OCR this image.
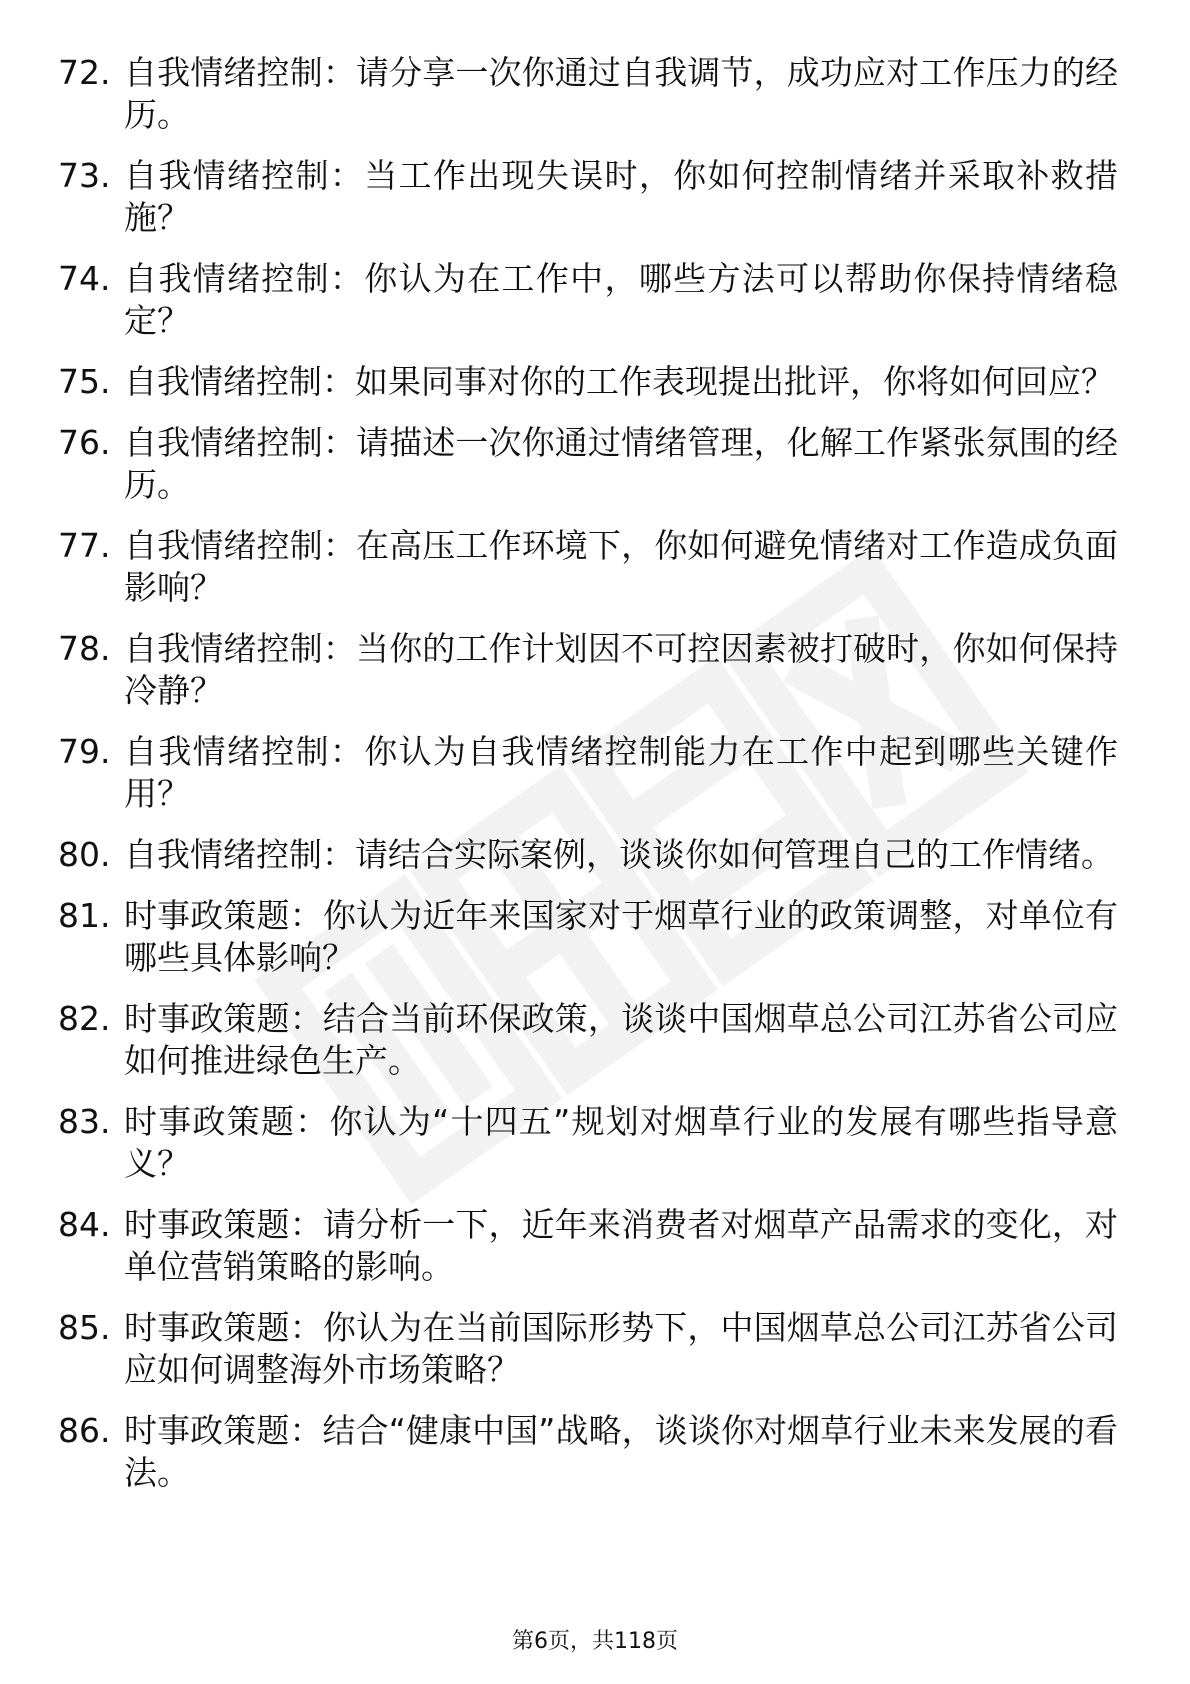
72. 自我情绪控制：请分享一次你通过自我调节，成功应对工作压力的经历。
73. 自我情绪控制：当工作出现失误时，你如何控制情绪并采取补救措施？
74. 自我情绪控制：你认为在工作中，哪些方法可以帮助你保持情绪稳定？
75. 自我情绪控制：如果同事对你的工作表现提出批评，你将如何回应？
76. 自我情绪控制：请描述一次你通过情绪管理，化解工作紧张氛围的经历。
77. 自我情绪控制：在高压工作环境下，你如何避免情绪对工作造成负面影响？
78. 自我情绪控制：当你的工作计划因不可控因素被打破时，你如何保持冷静？
79. 自我情绪控制：你认为自我情绪控制能力在工作中起到哪些关键作用？
80. 自我情绪控制：请结合实际案例，谈谈你如何管理自己的工作情绪。
81. 时事政策题：你认为近年来国家对于烟草行业的政策调整，对单位有哪些具体影响？
82. 时事政策题：结合当前环保政策，谈谈中国烟草总公司江苏省公司应如何推进绿色生产。
83. 时事政策题：你认为“十四五”规划对烟草行业的发展有哪些指导意义？
84. 时事政策题：请分析一下，近年来消费者对烟草产品需求的变化，对单位营销策略的影响。
85. 时事政策题：你认为在当前国际形势下，中国烟草总公司江苏省公司应如何调整海外市场策略？
86. 时事政策题：结合“健康中国”战略，谈谈你对烟草行业未来发展的看法。
第6页，共118页
